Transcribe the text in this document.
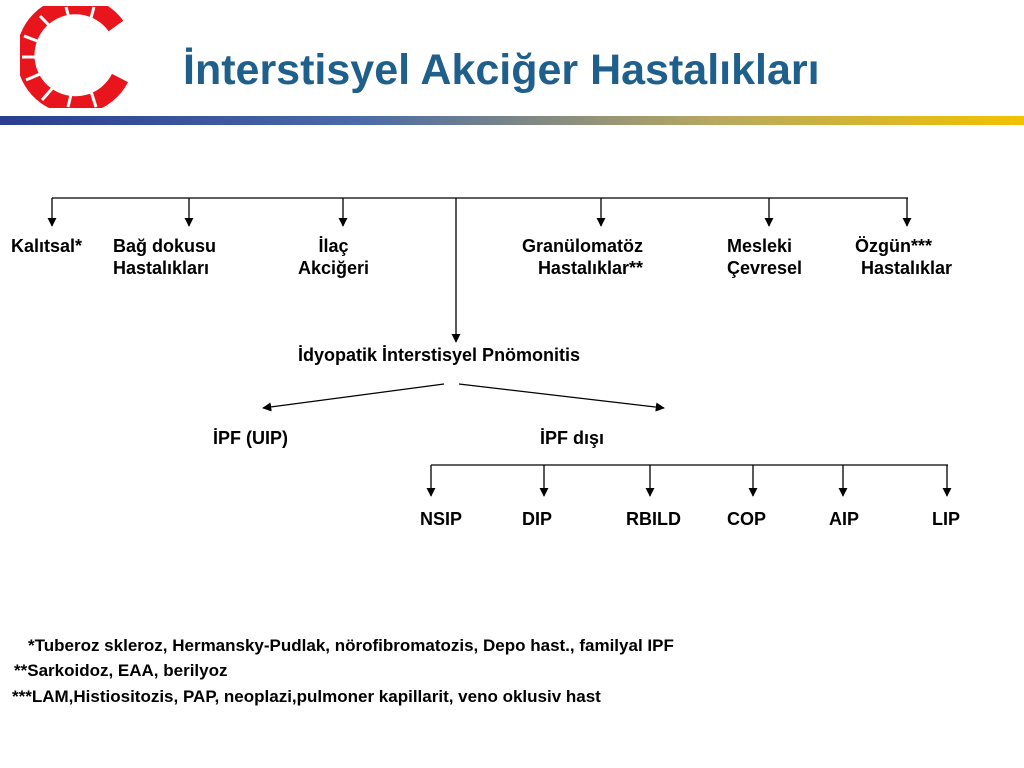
İnterstisyel Akciğer Hastalıkları
Kalıtsal* Bağ dokusu
Hastalıkları
İlaç
Akciğeri
Granülomatöz
Hastalıklar**
Mesleki
Çevresel
Özgün***
Hastalıklar
İdyopatik İnterstisyel Pnömonitis
İPF (UIP)	İPF dışı
NSIP	DIP	RBILD	COP	AIP	LIP
*Tuberoz skleroz, Hermansky-Pudlak, nörofibromatozis, Depo hast., familyal IPF
**Sarkoidoz, EAA, berilyoz
***LAM,Histiositozis, PAP, neoplazi,pulmoner kapillarit, veno oklusiv hast
